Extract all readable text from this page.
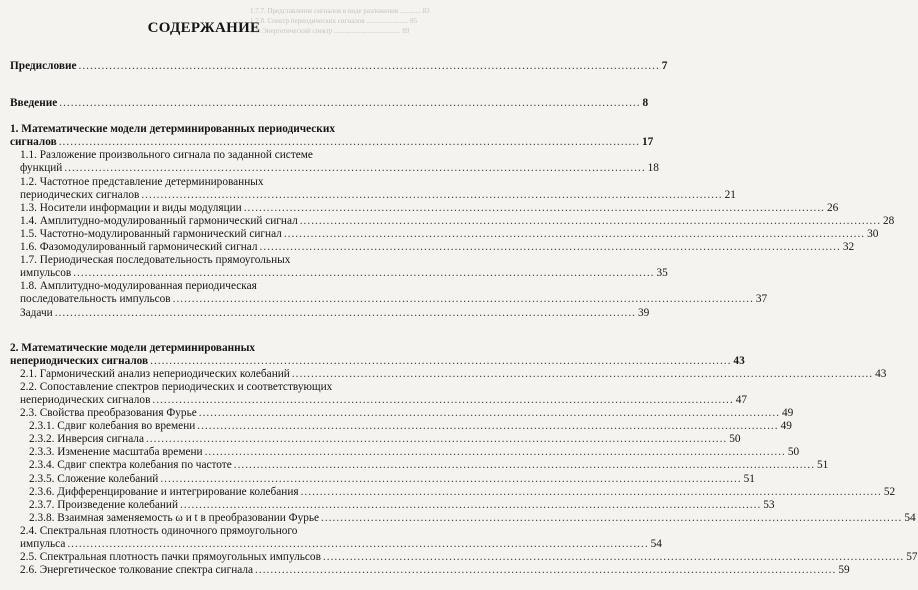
1.7.7. Представление сигналов в виде разложения ............ 83
1.7.8. Спектр периодических сигналов ........................ 85
1.8. Энергетический спектр ...................................... 89
СОДЕРЖАНИЕ
Предисловие .....	7
Введение .....	8
1. Математические модели детерминированных периодических
сигналов .....	17
1.1. Разложение произвольного сигнала по заданной системе
функций .....	18
1.2. Частотное представление детерминированных
периодических сигналов .....	21
1.3. Носители информации и виды модуляции .....	26
1.4. Амплитудно-модулированный гармонический сигнал .....	28
1.5. Частотно-модулированный гармонический сигнал .....	30
1.6. Фазомодулированный гармонический сигнал .....	32
1.7. Периодическая последовательность прямоугольных
импульсов .....	35
1.8. Амплитудно-модулированная периодическая
последовательность импульсов .....	37
Задачи .....	39
2. Математические модели детерминированных
непериодических сигналов .....	43
2.1. Гармонический анализ непериодических колебаний .....	43
2.2. Сопоставление спектров периодических и соответствующих
непериодических сигналов .....	47
2.3. Свойства преобразования Фурье .....	49
2.3.1. Сдвиг колебания во времени .....	49
2.3.2. Инверсия сигнала .....	50
2.3.3. Изменение масштаба времени .....	50
2.3.4. Сдвиг спектра колебания по частоте .....	51
2.3.5. Сложение колебаний .....	51
2.3.6. Дифференцирование и интегрирование колебания .....	52
2.3.7. Произведение колебаний .....	53
2.3.8. Взаимная заменяемость ω и t в преобразовании Фурье .....	54
2.4. Спектральная плотность одиночного прямоугольного
импульса .....	54
2.5. Спектральная плотность пачки прямоугольных импульсов .....	57
2.6. Энергетическое толкование спектра сигнала .....	59
